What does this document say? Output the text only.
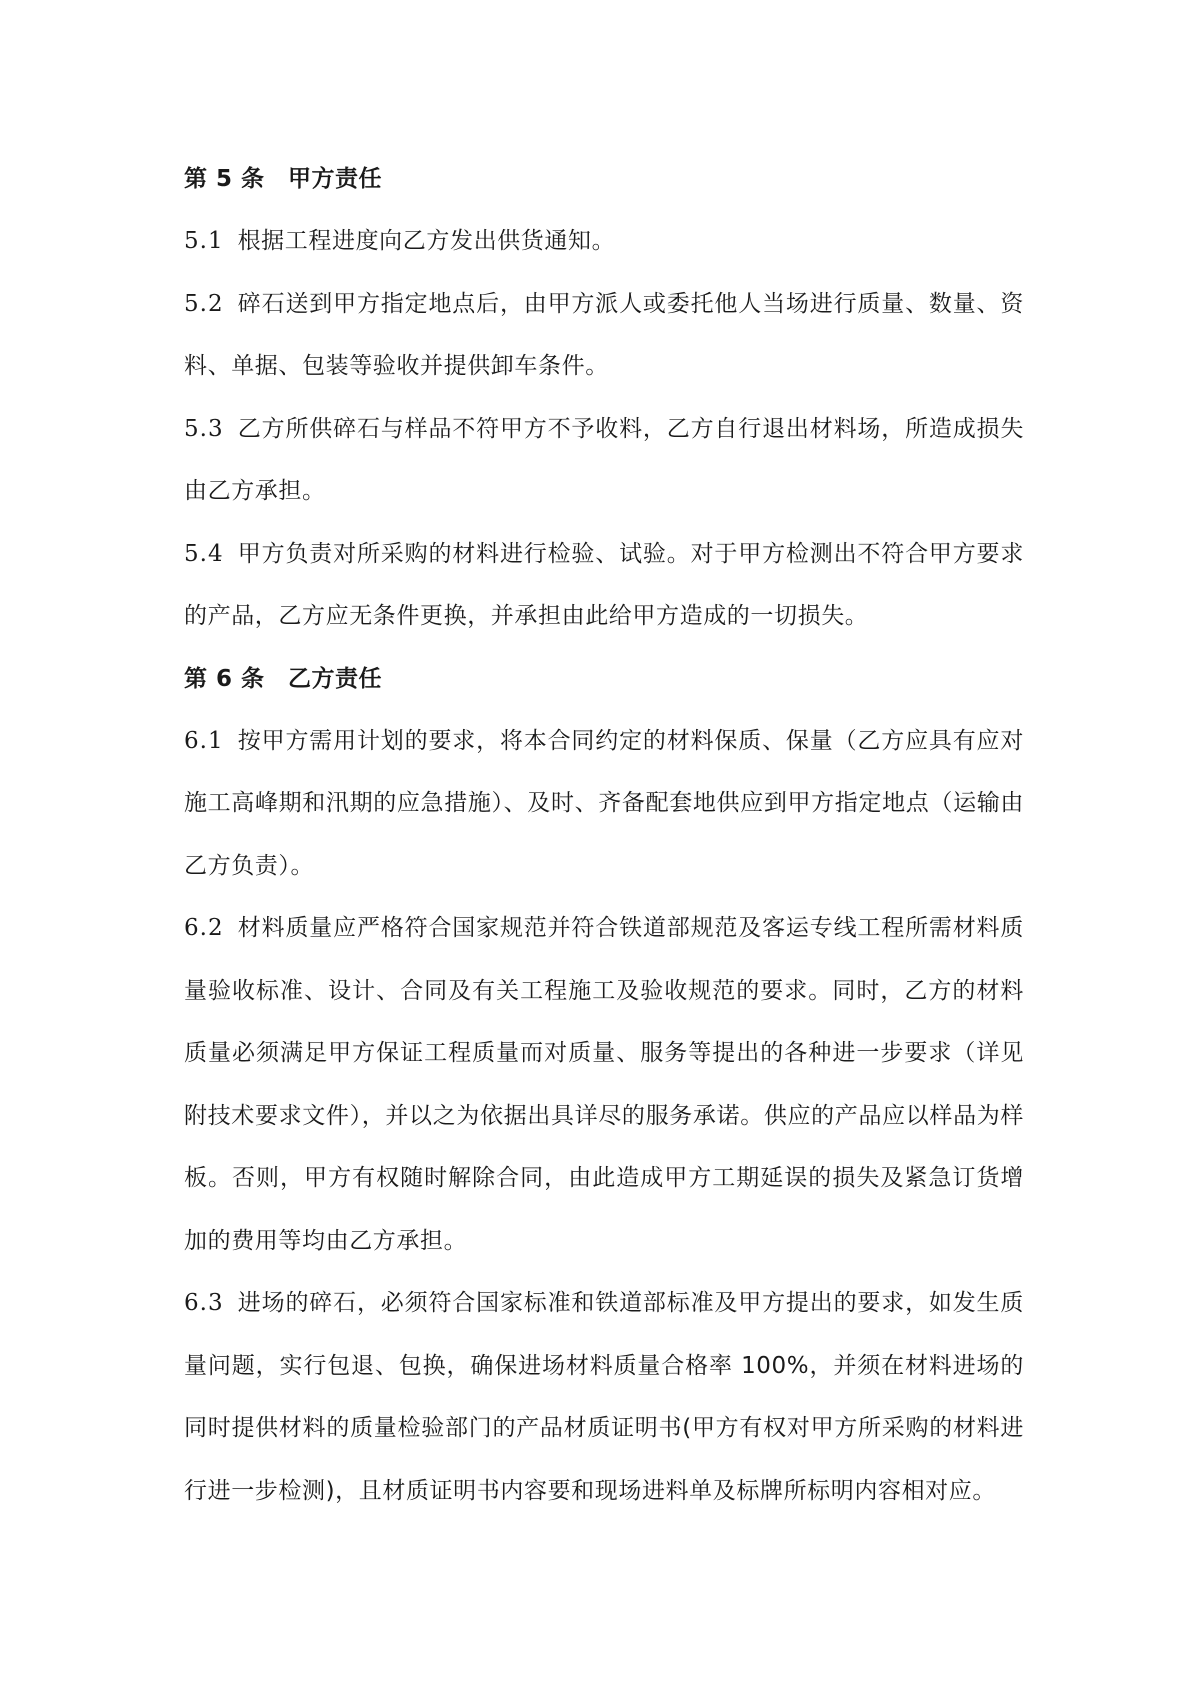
第 5 条　甲方责任

5.1 根据工程进度向乙方发出供货通知。

5.2 碎石送到甲方指定地点后，由甲方派人或委托他人当场进行质量、数量、资料、单据、包装等验收并提供卸车条件。

5.3 乙方所供碎石与样品不符甲方不予收料，乙方自行退出材料场，所造成损失由乙方承担。

5.4 甲方负责对所采购的材料进行检验、试验。对于甲方检测出不符合甲方要求的产品，乙方应无条件更换，并承担由此给甲方造成的一切损失。

第 6 条　乙方责任

6.1 按甲方需用计划的要求，将本合同约定的材料保质、保量（乙方应具有应对施工高峰期和汛期的应急措施）、及时、齐备配套地供应到甲方指定地点（运输由乙方负责）。

6.2 材料质量应严格符合国家规范并符合铁道部规范及客运专线工程所需材料质量验收标准、设计、合同及有关工程施工及验收规范的要求。同时，乙方的材料质量必须满足甲方保证工程质量而对质量、服务等提出的各种进一步要求（详见附技术要求文件），并以之为依据出具详尽的服务承诺。供应的产品应以样品为样板。否则，甲方有权随时解除合同，由此造成甲方工期延误的损失及紧急订货增加的费用等均由乙方承担。

6.3 进场的碎石，必须符合国家标准和铁道部标准及甲方提出的要求，如发生质量问题，实行包退、包换，确保进场材料质量合格率 100%，并须在材料进场的同时提供材料的质量检验部门的产品材质证明书(甲方有权对甲方所采购的材料进行进一步检测)，且材质证明书内容要和现场进料单及标牌所标明内容相对应。
